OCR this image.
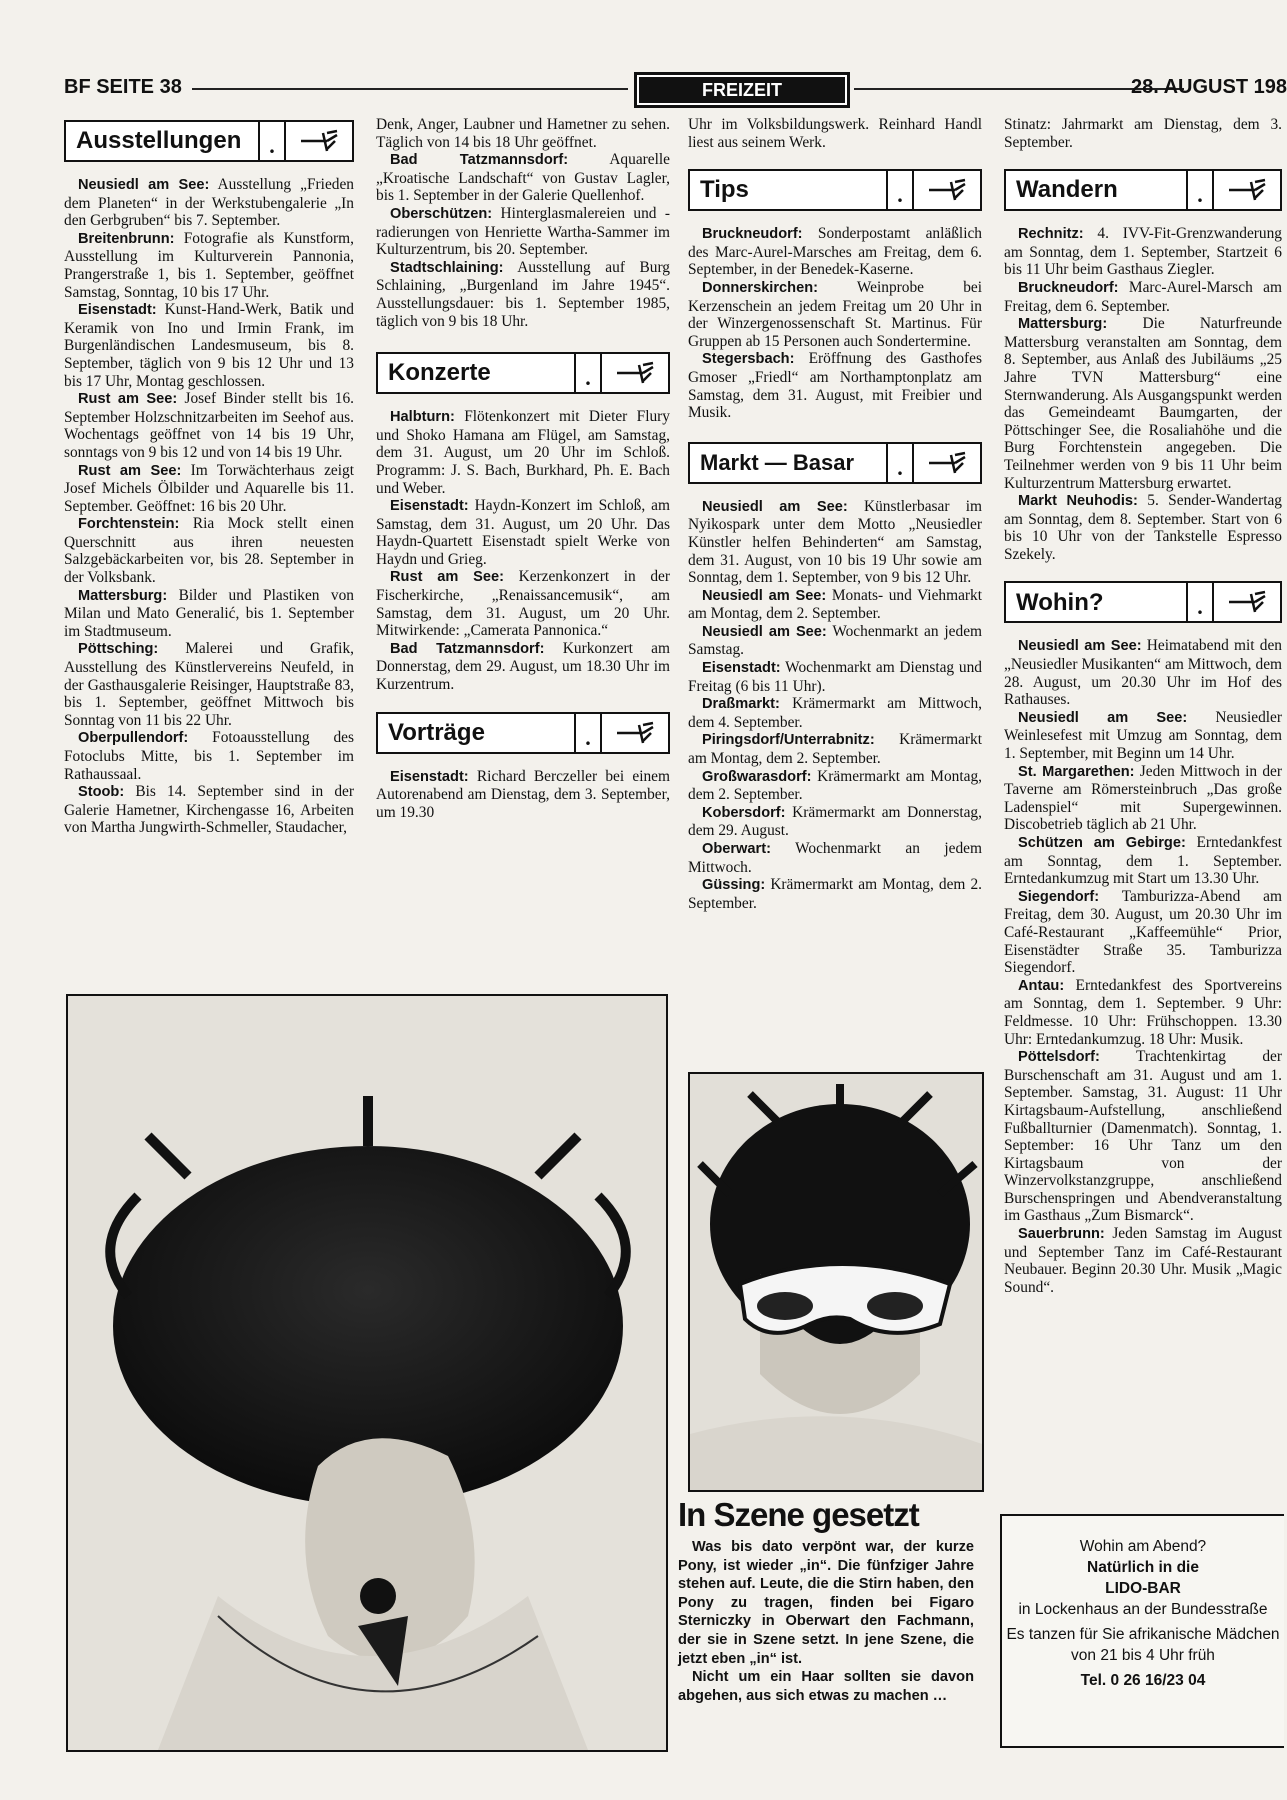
BF SEITE 38	FREIZEIT	28. AUGUST 198
Ausstellungen	.

Neusiedl am See: Ausstellung „Frieden dem Planeten“ in der Werkstubengalerie „In den Gerbgruben“ bis 7. September.

Breitenbrunn: Fotografie als Kunstform, Ausstellung im Kulturverein Pannonia, Prangerstraße 1, bis 1. September, geöffnet Samstag, Sonntag, 10 bis 17 Uhr.

Eisenstadt: Kunst-Hand-Werk, Batik und Keramik von Ino und Irmin Frank, im Burgenländischen Landesmuseum, bis 8. September, täglich von 9 bis 12 Uhr und 13 bis 17 Uhr, Montag geschlossen.

Rust am See: Josef Binder stellt bis 16. September Holzschnitzarbeiten im Seehof aus. Wochentags geöffnet von 14 bis 19 Uhr, sonntags von 9 bis 12 und von 14 bis 19 Uhr.

Rust am See: Im Torwächterhaus zeigt Josef Michels Ölbilder und Aquarelle bis 11. September. Geöffnet: 16 bis 20 Uhr.

Forchtenstein: Ria Mock stellt einen Querschnitt aus ihren neuesten Salzgebäckarbeiten vor, bis 28. September in der Volksbank.

Mattersburg: Bilder und Plastiken von Milan und Mato Generalić, bis 1. September im Stadtmuseum.

Pöttsching: Malerei und Grafik, Ausstellung des Künstlervereins Neufeld, in der Gasthausgalerie Reisinger, Hauptstraße 83, bis 1. September, geöffnet Mittwoch bis Sonntag von 11 bis 22 Uhr.

Oberpullendorf: Fotoausstellung des Fotoclubs Mitte, bis 1. September im Rathaussaal.

Stoob: Bis 14. September sind in der Galerie Hametner, Kirchengasse 16, Arbeiten von Martha Jungwirth-Schmeller, Staudacher,

Denk, Anger, Laubner und Hametner zu sehen. Täglich von 14 bis 18 Uhr geöffnet.

Bad Tatzmannsdorf:	Aquarelle „Kroatische Landschaft“ von Gustav Lagler, bis 1. September in der Galerie Quellenhof.

Oberschützen: Hinterglasmalereien und -radierungen von Henriette Wartha-Sammer im Kulturzentrum, bis 20. September.

Stadtschlaining: Ausstellung auf Burg Schlaining, „Burgenland im Jahre 1945“. Ausstellungsdauer: bis 1. September 1985, täglich von 9 bis 18 Uhr.

Konzerte	.

Halbturn: Flötenkonzert mit Dieter Flury und Shoko Hamana am Flügel, am Samstag, dem 31. August, um 20 Uhr im Schloß. Programm: J. S. Bach, Burkhard, Ph. E. Bach und Weber.

Eisenstadt: Haydn-Konzert im Schloß, am Samstag, dem 31. August, um 20 Uhr. Das Haydn-Quartett Eisenstadt spielt Werke von Haydn und Grieg.

Rust am See: Kerzenkonzert in der Fischerkirche, „Renaissancemusik“, am Samstag, dem 31. August, um 20 Uhr. Mitwirkende: „Camerata Pannonica.“

Bad Tatzmannsdorf: Kurkonzert am Donnerstag, dem 29. August, um 18.30 Uhr im Kurzentrum.

Vorträge	.

Eisenstadt: Richard Berczeller bei einem Autorenabend am Dienstag, dem 3. September, um 19.30

Uhr im Volksbildungswerk. Reinhard Handl liest aus seinem Werk.

Tips	.

Bruckneudorf: Sonderpostamt anläßlich des Marc-Aurel-Marsches am Freitag, dem 6. September, in der Benedek-Kaserne.

Donnerskirchen:	Weinprobe bei Kerzenschein an jedem Freitag um 20 Uhr in der Winzergenossenschaft St. Martinus. Für Gruppen ab 15 Personen auch Sondertermine.

Stegersbach: Eröffnung des Gasthofes Gmoser „Friedl“ am Northamptonplatz am Samstag, dem 31. August, mit Freibier und Musik.

Markt — Basar	.

Neusiedl am See: Künstlerbasar im Nyikospark unter dem Motto „Neusiedler Künstler helfen Behinderten“ am Samstag, dem 31. August, von 10 bis 19 Uhr sowie am Sonntag, dem 1. September, von 9 bis 12 Uhr.

Neusiedl am See: Monats- und Viehmarkt am Montag, dem 2. September.

Neusiedl am See: Wochenmarkt an jedem Samstag.

Eisenstadt: Wochenmarkt am Dienstag und Freitag (6 bis 11 Uhr).

Draßmarkt: Krämermarkt am Mittwoch, dem 4. September.

Piringsdorf/Unterrabnitz: Krämermarkt am Montag, dem 2. September.

Großwarasdorf: Krämermarkt am Montag, dem 2. September.

Kobersdorf: Krämermarkt am Donnerstag, dem 29. August.

Oberwart: Wochenmarkt an jedem Mittwoch.

Güssing: Krämermarkt am Montag, dem 2. September.

Stinatz: Jahrmarkt am Dienstag, dem 3. September.

Wandern	.

Rechnitz: 4. IVV-Fit-Grenzwanderung am Sonntag, dem 1. September, Startzeit 6 bis 11 Uhr beim Gasthaus Ziegler.

Bruckneudorf: Marc-Aurel-Marsch am Freitag, dem 6. September.

Mattersburg: Die Naturfreunde Mattersburg veranstalten am Sonntag, dem 8. September, aus Anlaß des Jubiläums „25 Jahre TVN Mattersburg“ eine Sternwanderung. Als Ausgangspunkt werden das Gemeindeamt Baumgarten, der Pöttschinger See, die Rosaliahöhe und die Burg Forchtenstein angegeben. Die Teilnehmer werden von 9 bis 11 Uhr beim Kulturzentrum Mattersburg erwartet.

Markt Neuhodis: 5. Sender-Wandertag am Sonntag, dem 8. September. Start von 6 bis 10 Uhr von der Tankstelle Espresso Szekely.

Wohin?	.

Neusiedl am See: Heimatabend mit den „Neusiedler Musikanten“ am Mittwoch, dem 28. August, um 20.30 Uhr im Hof des Rathauses.

Neusiedl am See: Neusiedler Weinlesefest mit Umzug am Sonntag, dem 1. September, mit Beginn um 14 Uhr.

St. Margarethen: Jeden Mittwoch in der Taverne am Römersteinbruch „Das große Ladenspiel“ mit Supergewinnen. Discobetrieb täglich ab 21 Uhr.

Schützen am Gebirge: Erntedankfest am Sonntag, dem 1. September. Erntedankumzug mit Start um 13.30 Uhr.

Siegendorf: Tamburizza-Abend am Freitag, dem 30. August, um 20.30 Uhr im Café-Restaurant „Kaffeemühle“ Prior, Eisenstädter Straße 35. Tamburizza Siegendorf.

Antau: Erntedankfest des Sportvereins am Sonntag, dem 1. September. 9 Uhr: Feldmesse. 10 Uhr: Frühschoppen. 13.30 Uhr: Erntedankumzug. 18 Uhr: Musik.

Pöttelsdorf: Trachtenkirtag der Burschenschaft am 31. August und am 1. September. Samstag, 31. August: 11 Uhr Kirtagsbaum-Aufstellung, anschließend Fußballturnier (Damenmatch). Sonntag, 1. September: 16 Uhr Tanz um den Kirtagsbaum von der Winzervolkstanzgruppe, anschließend Burschenspringen und Abendveranstaltung im Gasthaus „Zum Bismarck“.

Sauerbrunn: Jeden Samstag im August und September Tanz im Café-Restaurant Neubauer. Beginn 20.30 Uhr. Musik „Magic Sound“.

In Szene gesetzt

Was bis dato verpönt war, der kurze Pony, ist wieder „in“. Die fünfziger Jahre stehen auf. Leute, die die Stirn haben, den Pony zu tragen, finden bei Figaro Sterniczky in Oberwart den Fachmann, der sie in Szene setzt. In jene Szene, die jetzt eben „in“ ist.

Nicht um ein Haar sollten sie davon abgehen, aus sich etwas zu machen …

Wohin am Abend?
Natürlich in die
LIDO-BAR
in Lockenhaus an der Bundesstraße
Es tanzen für Sie afrikanische Mädchen von 21 bis 4 Uhr früh
Tel. 0 26 16/23 04
